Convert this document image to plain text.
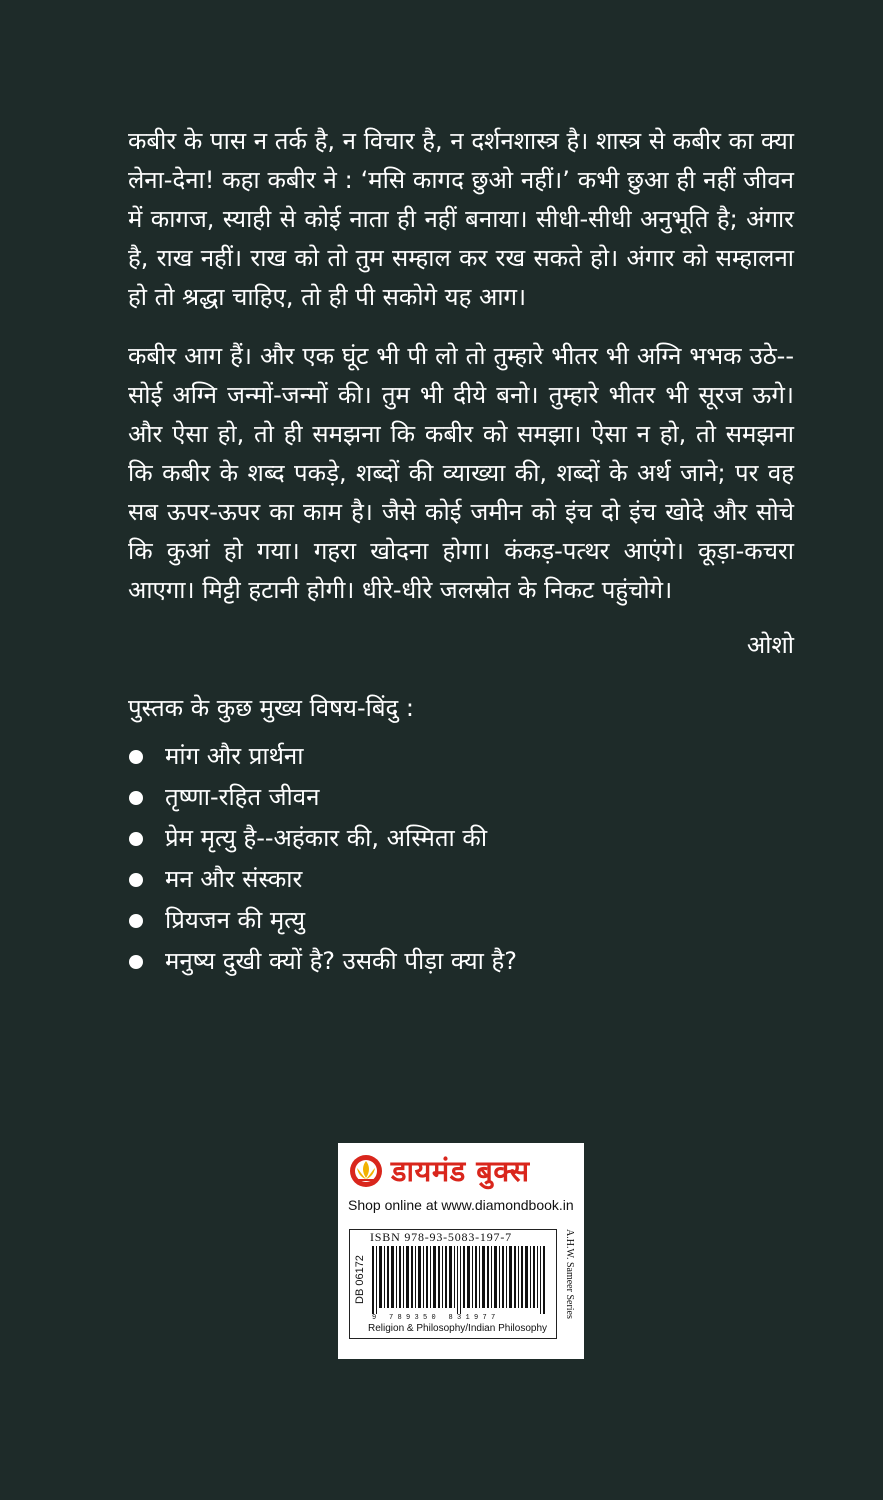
कबीर के पास न तर्क है, न विचार है, न दर्शनशास्त्र है। शास्त्र से कबीर का क्या लेना-देना! कहा कबीर ने : ‘मसि कागद छुओ नहीं।’ कभी छुआ ही नहीं जीवन में कागज, स्याही से कोई नाता ही नहीं बनाया। सीधी-सीधी अनुभूति है; अंगार है, राख नहीं। राख को तो तुम सम्हाल कर रख सकते हो। अंगार को सम्हालना हो तो श्रद्धा चाहिए, तो ही पी सकोगे यह आग।

कबीर आग हैं। और एक घूंट भी पी लो तो तुम्हारे भीतर भी अग्नि भभक उठे--सोई अग्नि जन्मों-जन्मों की। तुम भी दीये बनो। तुम्हारे भीतर भी सूरज ऊगे। और ऐसा हो, तो ही समझना कि कबीर को समझा। ऐसा न हो, तो समझना कि कबीर के शब्द पकड़े, शब्दों की व्याख्या की, शब्दों के अर्थ जाने; पर वह सब ऊपर-ऊपर का काम है। जैसे कोई जमीन को इंच दो इंच खोदे और सोचे कि कुआं हो गया। गहरा खोदना होगा। कंकड़-पत्थर आएंगे। कूड़ा-कचरा आएगा। मिट्टी हटानी होगी। धीरे-धीरे जलस्रोत के निकट पहुंचोगे।

ओशो
पुस्तक के कुछ मुख्य विषय-बिंदु :
मांग और प्रार्थना
तृष्णा-रहित जीवन
प्रेम मृत्यु है--अहंकार की, अस्मिता की
मन और संस्कार
प्रियजन की मृत्यु
मनुष्य दुखी क्यों है? उसकी पीड़ा क्या है?
डायमंड बुक्स
Shop online at www.diamondbook.in
ISBN 978-93-5083-197-7
DB 06172
9 789350 831977
Religion & Philosophy/Indian Philosophy
A.H.W. Sameer Series
